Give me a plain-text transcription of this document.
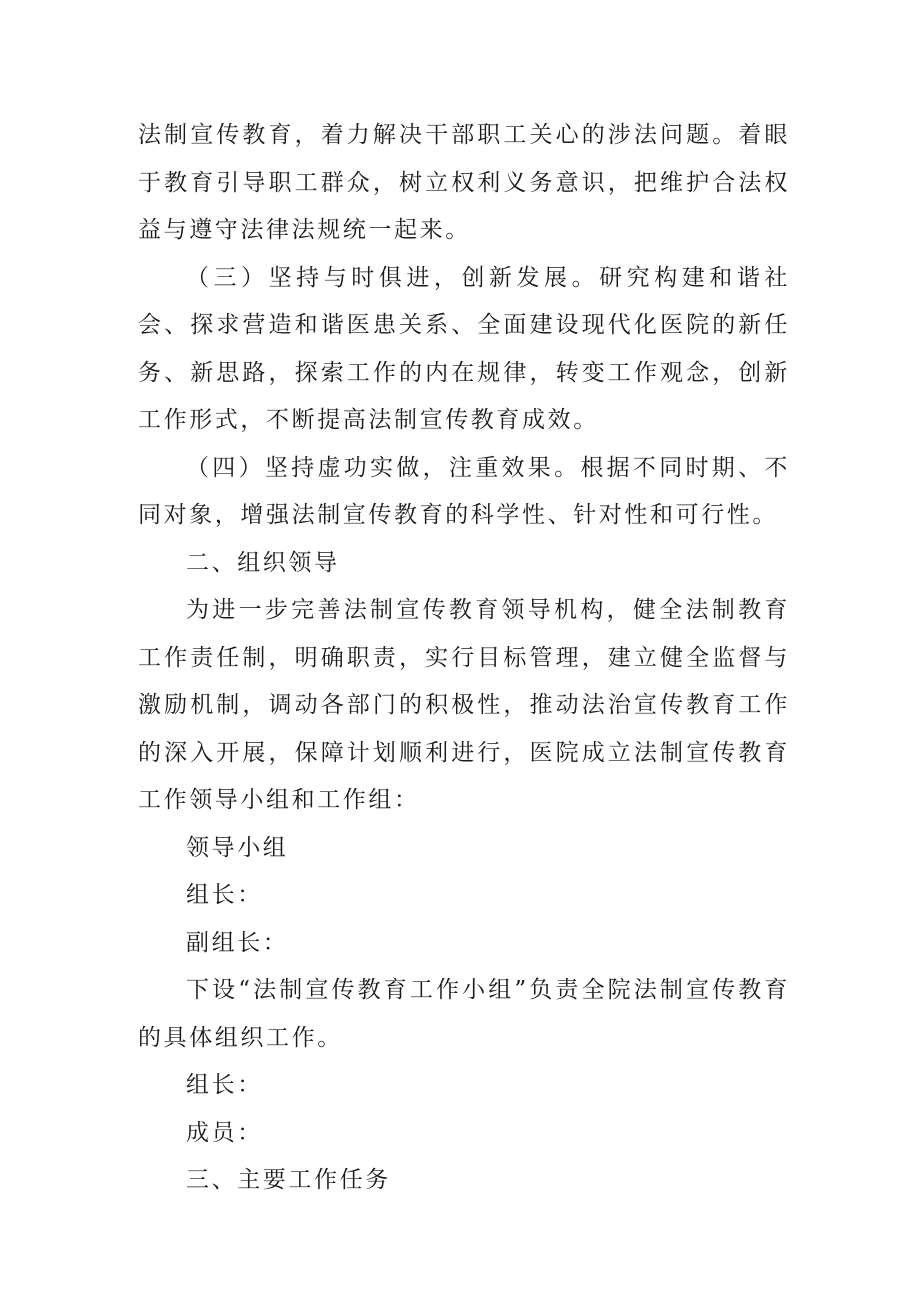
法制宣传教育，着力解决干部职工关心的涉法问题。着眼于教育引导职工群众，树立权利义务意识，把维护合法权益与遵守法律法规统一起来。

（三）坚持与时俱进，创新发展。研究构建和谐社会、探求营造和谐医患关系、全面建设现代化医院的新任务、新思路，探索工作的内在规律，转变工作观念，创新工作形式，不断提高法制宣传教育成效。

（四）坚持虚功实做，注重效果。根据不同时期、不同对象，增强法制宣传教育的科学性、针对性和可行性。

二、组织领导

为进一步完善法制宣传教育领导机构，健全法制教育工作责任制，明确职责，实行目标管理，建立健全监督与激励机制，调动各部门的积极性，推动法治宣传教育工作的深入开展，保障计划顺利进行，医院成立法制宣传教育工作领导小组和工作组：

领导小组

组长：

副组长：

下设“法制宣传教育工作小组”负责全院法制宣传教育的具体组织工作。

组长：

成员：

三、主要工作任务
